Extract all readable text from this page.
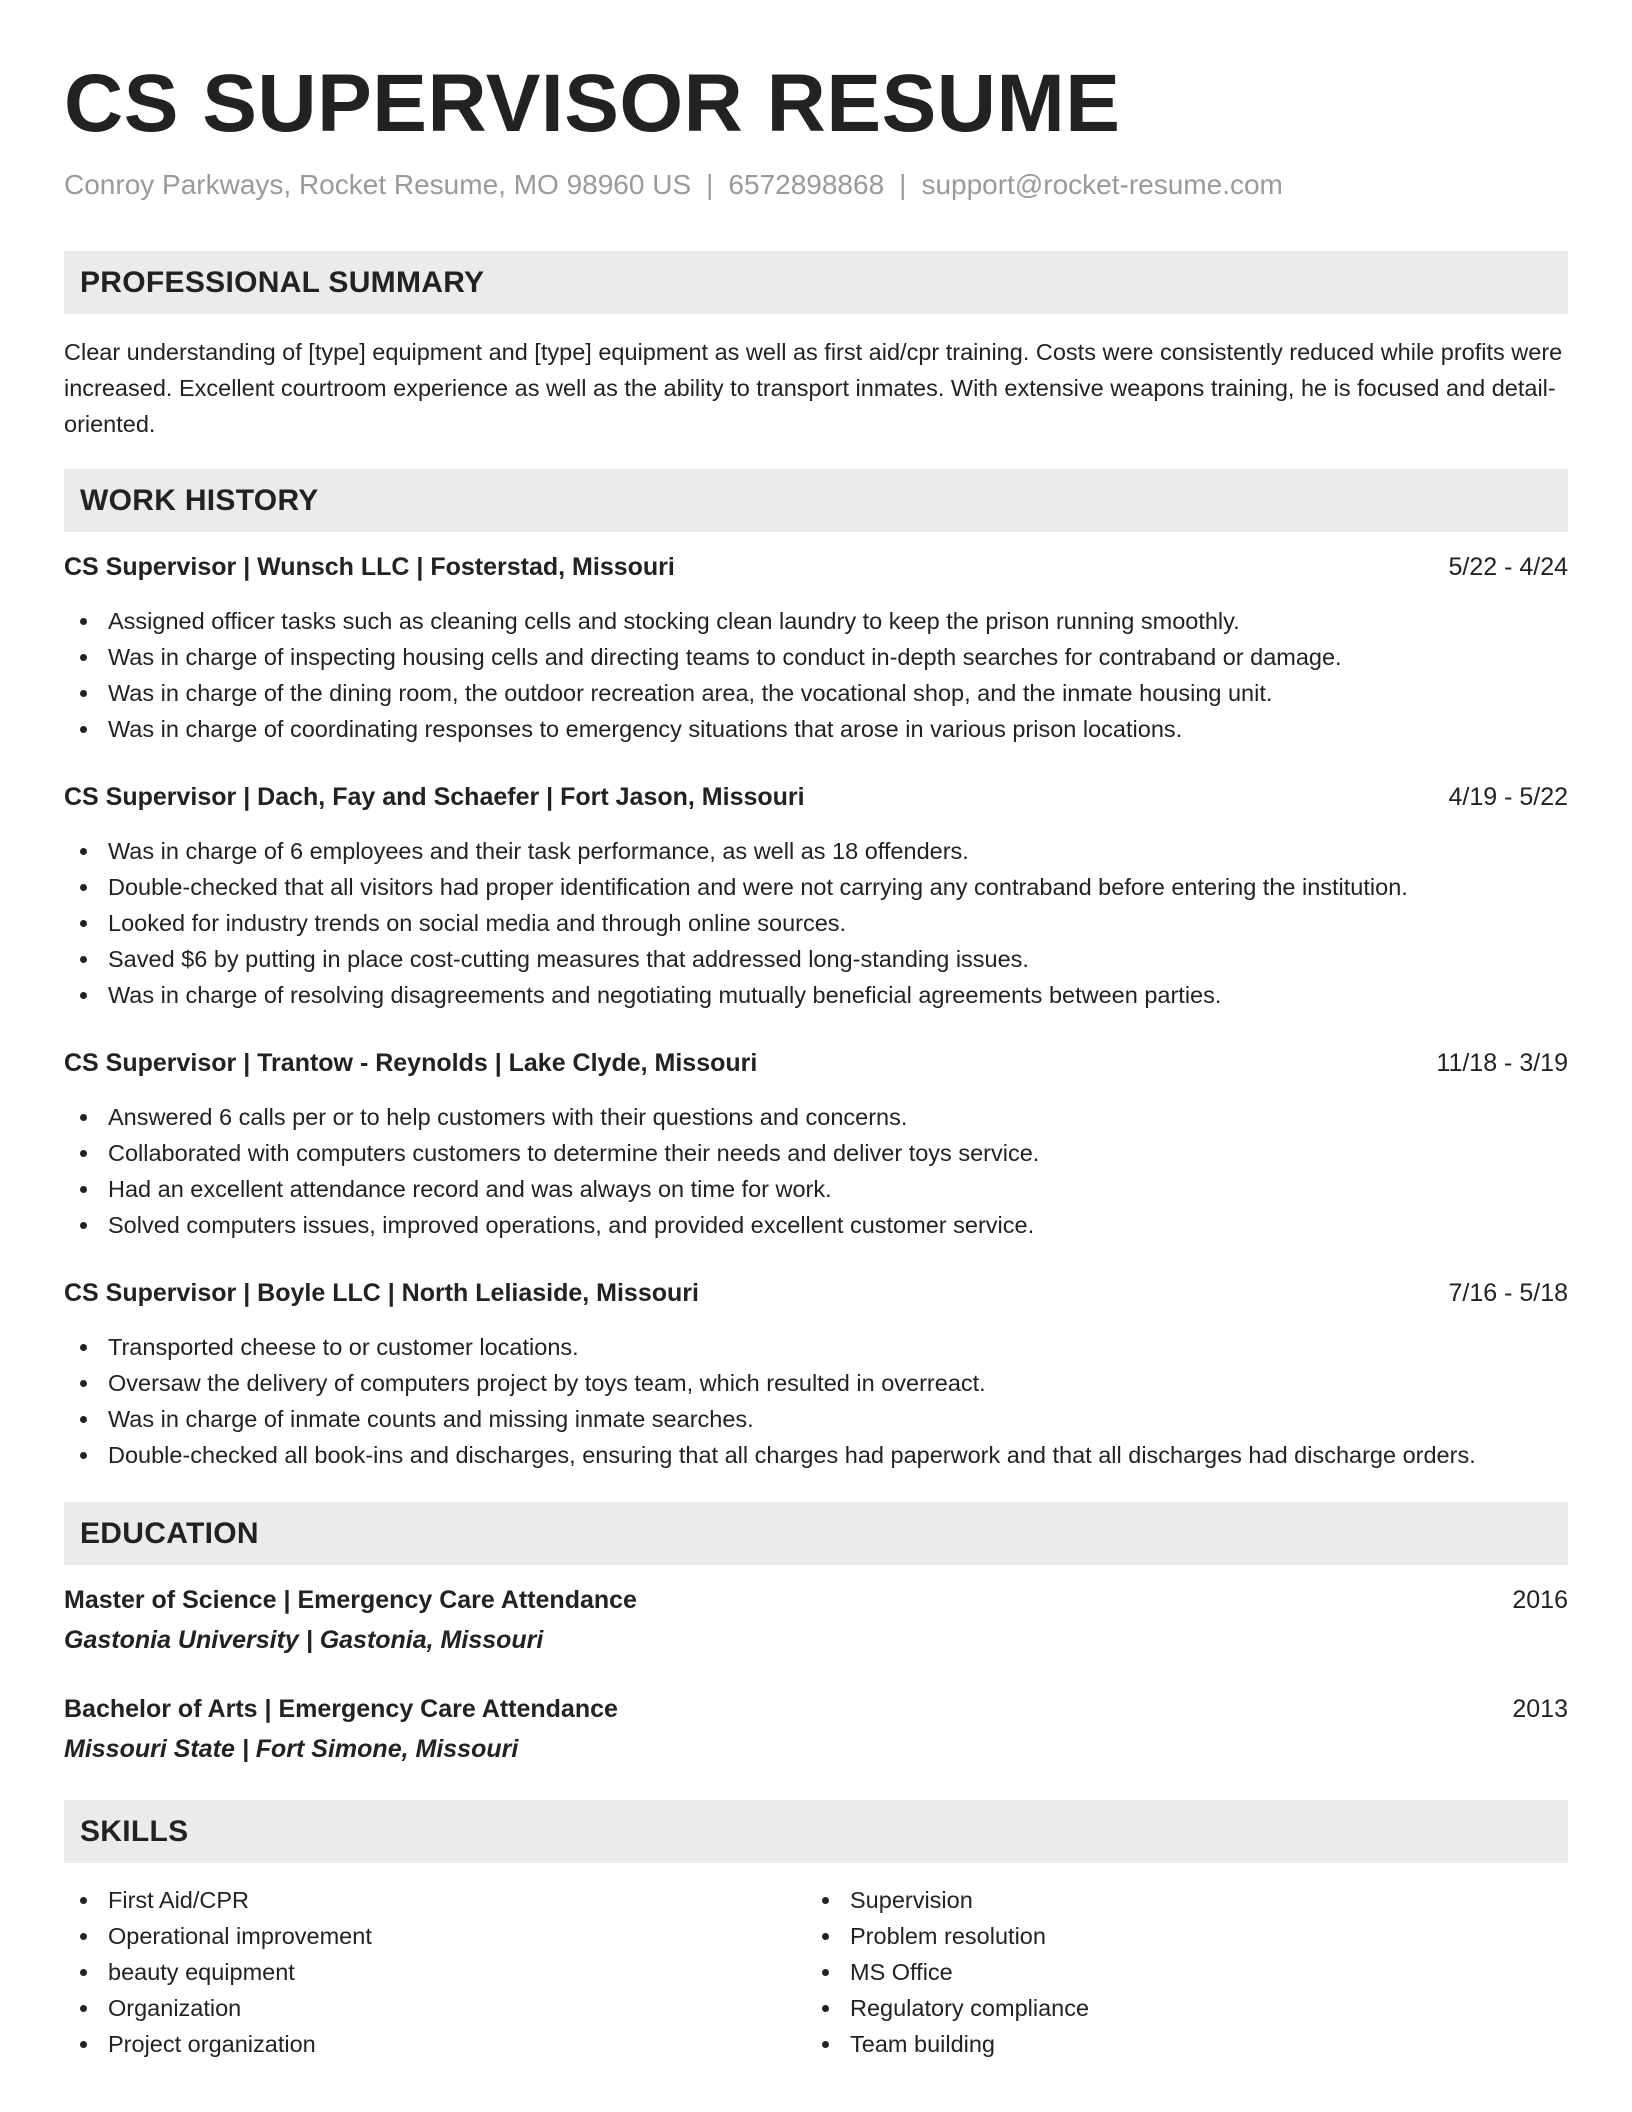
CS SUPERVISOR RESUME
Conroy Parkways, Rocket Resume, MO 98960 US | 6572898868 | support@rocket-resume.com
PROFESSIONAL SUMMARY
Clear understanding of [type] equipment and [type] equipment as well as first aid/cpr training. Costs were consistently reduced while profits were increased. Excellent courtroom experience as well as the ability to transport inmates. With extensive weapons training, he is focused and detail-oriented.
WORK HISTORY
CS Supervisor | Wunsch LLC | Fosterstad, Missouri	5/22 - 4/24
Assigned officer tasks such as cleaning cells and stocking clean laundry to keep the prison running smoothly.
Was in charge of inspecting housing cells and directing teams to conduct in-depth searches for contraband or damage.
Was in charge of the dining room, the outdoor recreation area, the vocational shop, and the inmate housing unit.
Was in charge of coordinating responses to emergency situations that arose in various prison locations.
CS Supervisor | Dach, Fay and Schaefer | Fort Jason, Missouri	4/19 - 5/22
Was in charge of 6 employees and their task performance, as well as 18 offenders.
Double-checked that all visitors had proper identification and were not carrying any contraband before entering the institution.
Looked for industry trends on social media and through online sources.
Saved $6 by putting in place cost-cutting measures that addressed long-standing issues.
Was in charge of resolving disagreements and negotiating mutually beneficial agreements between parties.
CS Supervisor | Trantow - Reynolds | Lake Clyde, Missouri	11/18 - 3/19
Answered 6 calls per or to help customers with their questions and concerns.
Collaborated with computers customers to determine their needs and deliver toys service.
Had an excellent attendance record and was always on time for work.
Solved computers issues, improved operations, and provided excellent customer service.
CS Supervisor | Boyle LLC | North Leliaside, Missouri	7/16 - 5/18
Transported cheese to or customer locations.
Oversaw the delivery of computers project by toys team, which resulted in overreact.
Was in charge of inmate counts and missing inmate searches.
Double-checked all book-ins and discharges, ensuring that all charges had paperwork and that all discharges had discharge orders.
EDUCATION
Master of Science | Emergency Care Attendance	2016
Gastonia University | Gastonia, Missouri
Bachelor of Arts | Emergency Care Attendance	2013
Missouri State | Fort Simone, Missouri
SKILLS
First Aid/CPR
Operational improvement
beauty equipment
Organization
Project organization
Supervision
Problem resolution
MS Office
Regulatory compliance
Team building
